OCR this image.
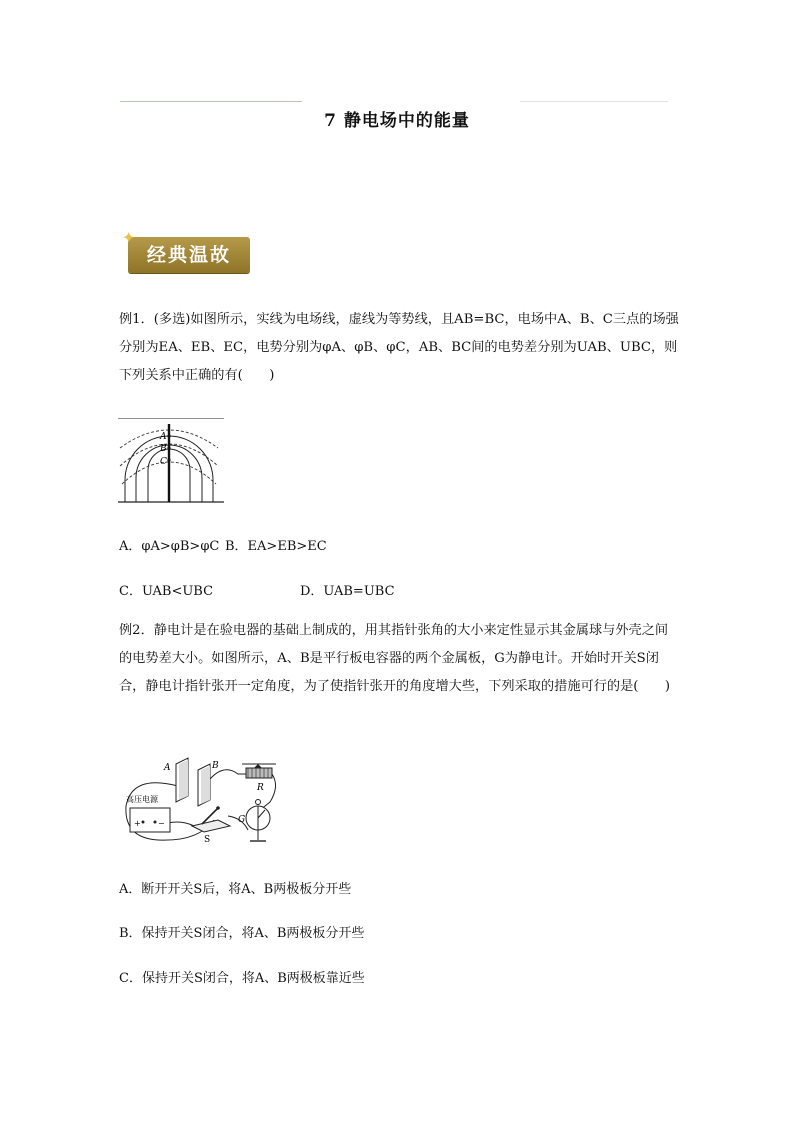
7 静电场中的能量
✦
经典温故
例1．(多选)如图所示，实线为电场线，虚线为等势线，且AB=BC，电场中A、B、C三点的场强分别为EA、EB、EC，电势分别为φA、φB、φC，AB、BC间的电势差分别为UAB、UBC，则下列关系中正确的有(　　)
A
B
C
A．φA>φB>φC B．EA>EB>EC
C．UAB<UBC	D．UAB=UBC
例2．静电计是在验电器的基础上制成的，用其指针张角的大小来定性显示其金属球与外壳之间的电势差大小。如图所示，A、B是平行板电容器的两个金属板，G为静电计。开始时开关S闭合，静电计指针张开一定角度，为了使指针张开的角度增大些，下列采取的措施可行的是(　　)
A	B
R
高压电源
+ −
S
G
A．断开开关S后，将A、B两极板分开些
B．保持开关S闭合，将A、B两极板分开些
C．保持开关S闭合，将A、B两极板靠近些
